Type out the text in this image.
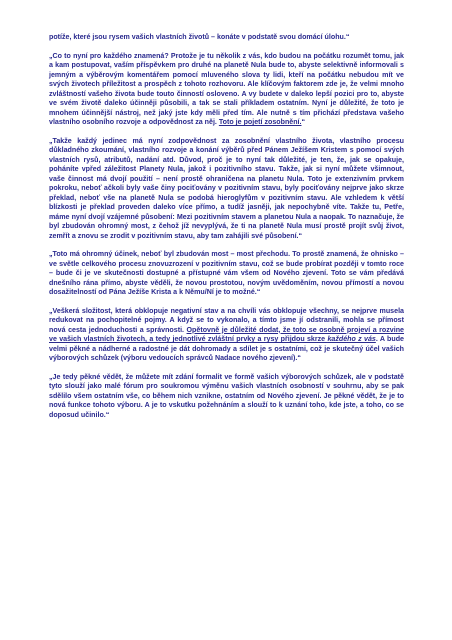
potíže, které jsou rysem vašich vlastních životů – konáte v podstatě svou domácí úlohu.“

„Co to nyní pro každého znamená? Protože je tu několik z vás, kdo budou na počátku rozumět tomu, jak a kam postupovat, vaším příspěvkem pro druhé na planetě Nula bude to, abyste selektivně informovali s jemným a výběrovým komentářem pomocí mluveného slova ty lidi, kteří na počátku nebudou mít ve svých životech příležitost a prospěch z tohoto rozhovoru. Ale klíčovým faktorem zde je, že velmi mnoho zvláštností vašeho života bude touto činností osloveno. A vy budete v daleko lepší pozici pro to, abyste ve svém životě daleko účinněji působili, a tak se stali příkladem ostatním. Nyní je důležité, že toto je mnohem účinnější nástroj, než jaký jste kdy měli před tím. Ale nutně s tím přichází představa vašeho vlastního osobního rozvoje a odpovědnost za něj. Toto je pojetí zosobnění.“

„Takže každý jedinec má nyní zodpovědnost za zosobnění vlastního života, vlastního procesu důkladného zkoumání, vlastního rozvoje a konání výběrů před Pánem Ježíšem Kristem s pomocí svých vlastních rysů, atributů, nadání atd. Důvod, proč je to nyní tak důležité, je ten, že, jak se opakuje, poháníte vpřed záležitost Planety Nula, jakož i pozitivního stavu. Takže, jak si nyní můžete všimnout, vaše činnost má dvojí použití – není prostě ohraničena na planetu Nula. Toto je extenzivním prvkem pokroku, neboť ačkoli byly vaše činy pociťovány v pozitivním stavu, byly pociťovány nejprve jako skrze překlad, neboť vše na planetě Nula se podobá hieroglyfům v pozitivním stavu. Ale vzhledem k větší blízkosti je překlad proveden daleko více přímo, a tudíž jasněji, jak nepochybně víte. Takže tu, Petře, máme nyní dvojí vzájemné působení: Mezi pozitivním stavem a planetou Nula a naopak. To naznačuje, že byl zbudován ohromný most, z čehož jíž nevyplývá, že ti na planetě Nula musí prostě projít svůj život, zemřít a znovu se zrodit v pozitivním stavu, aby tam zahájili své působení.“

„Toto má ohromný účinek, neboť byl zbudován most – most přechodu. To prostě znamená, že ohnisko – ve světle celkového procesu znovuzrození v pozitivním stavu, což se bude probírat později v tomto roce – bude či je ve skutečnosti dostupné a přístupné vám všem od Nového zjevení. Toto se vám předává dnešního rána přímo, abyste věděli, že novou prostotou, novým uvědoměním, novou přímostí a novou dosažitelností od Pána Ježíše Krista a k Němu/Ní je to možné.“

„Veškerá složitost, která obklopuje negativní stav a na chvíli vás obklopuje všechny, se nejprve musela redukovat na pochopitelné pojmy. A když se to vykonalo, a tímto jsme jí odstranili, mohla se přímost nová cesta jednoduchosti a správnosti. Opětovně je důležité dodat, že toto se osobně projeví a rozvine ve vašich vlastních životech, a tedy jednotlivé zvláštní prvky a rysy přijdou skrze každého z vás. A bude velmi pěkné a nádherné a radostné je dát dohromady a sdílet je s ostatními, což je skutečný účel vašich výborových schůzek (výboru vedoucích správců Nadace nového zjevení).“

„Je tedy pěkné vědět, že můžete mít zdání formalit ve formě vašich výborových schůzek, ale v podstatě tyto slouží jako malé fórum pro soukromou výměnu vašich vlastních osobností v souhrnu, aby se pak sdělilo všem ostatním vše, co během nich vznikne, ostatním od Nového zjevení. Je pěkné vědět, že je to nová funkce tohoto výboru. A je to vskutku požehnáním a slouží to k uznání toho, kde jste, a toho, co se doposud učinilo.“
